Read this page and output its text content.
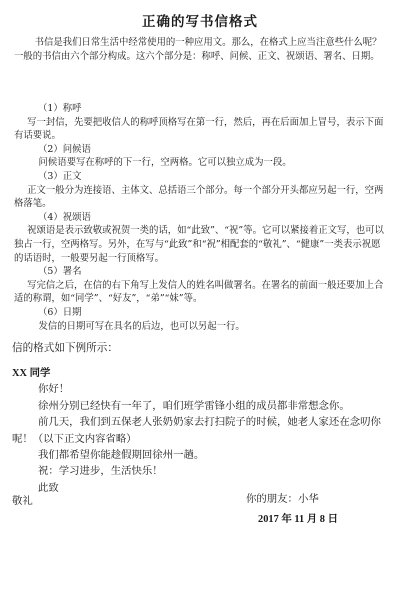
正确的写书信格式

书信是我们日常生活中经常使用的一种应用文。那么，在格式上应当注意些什么呢？

一般的书信由六个部分构成。这六个部分是：称呼、问候、正文、祝颂语、署名、日期。

（1）称呼

写一封信，先要把收信人的称呼顶格写在第一行，然后，再在后面加上冒号，表示下面有话要说。

（2）问候语

问候语要写在称呼的下一行，空两格。它可以独立成为一段。

（3）正文

正文一般分为连接语、主体文、总括语三个部分。每一个部分开头都应另起一行，空两格落笔。

（4）祝颂语

祝颂语是表示致敬或祝贺一类的话，如“此致”、“祝”等。它可以紧接着正文写，也可以独占一行，空两格写。另外，在写与“此致”和“祝”相配套的“敬礼”、“健康”一类表示祝愿的话语时，一般要另起一行顶格写。

（5）署名

写完信之后，在信的右下角写上发信人的姓名叫做署名。在署名的前面一般还要加上合适的称谓，如“同学”、“好友”，“弟”“妹”等。

（6）日期

发信的日期可写在具名的后边，也可以另起一行。

信的格式如下例所示：

XX 同学

你好！

徐州分别已经快有一年了，咱们班学雷锋小组的成员都非常想念你。

前几天，我们到五保老人张奶奶家去打扫院子的时候，她老人家还在念叨你

呢！（以下正文内容省略）

我们都希望你能趁假期回徐州一趟。

祝：学习进步，生活快乐！

此致

敬礼	你的朋友：小华
2017 年 11 月 8 日
